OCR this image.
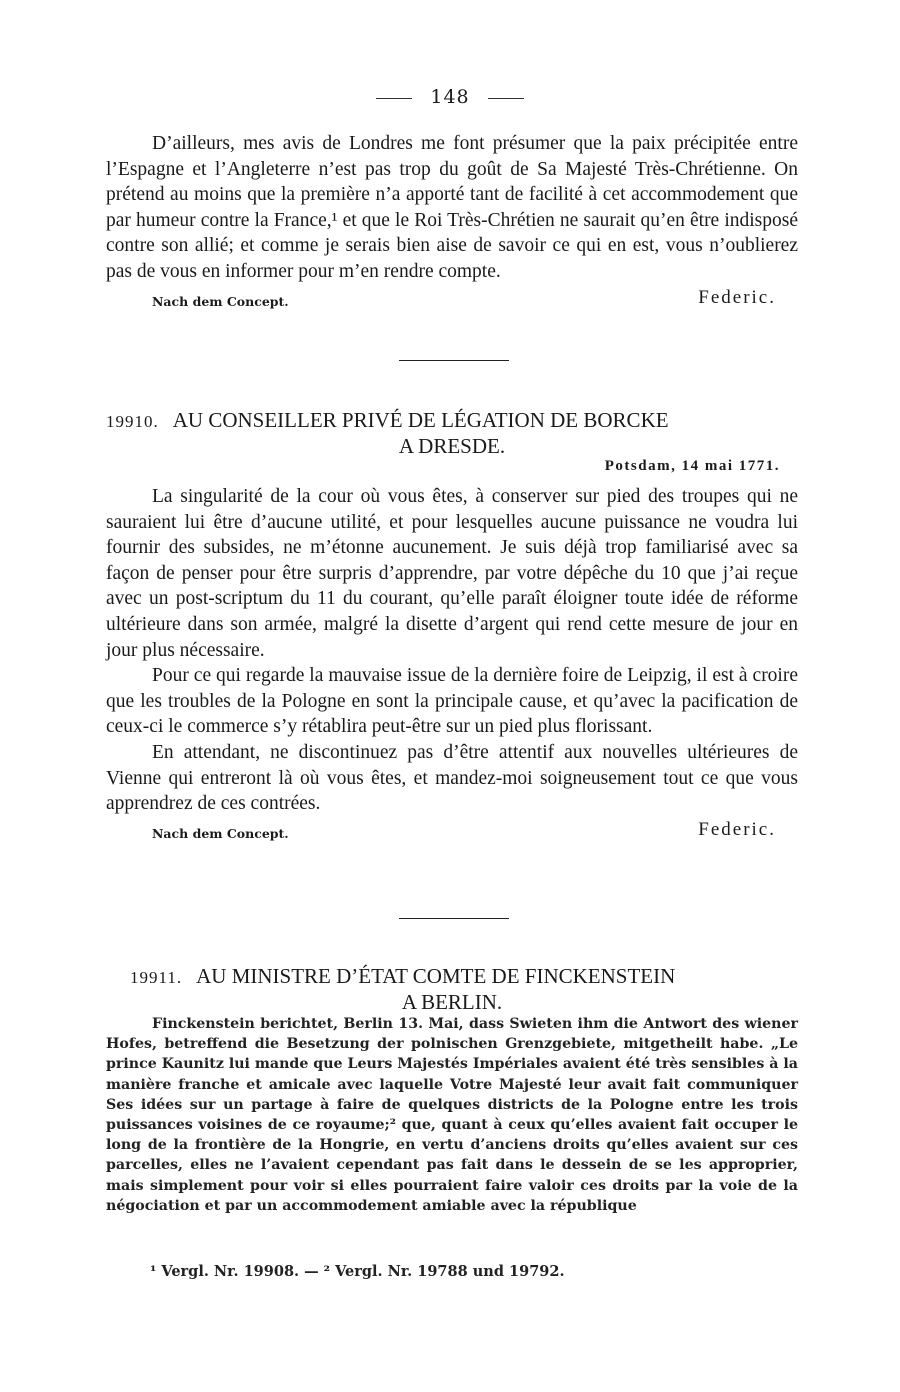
148

D’ailleurs, mes avis de Londres me font présumer que la paix précipitée entre l’Espagne et l’Angleterre n’est pas trop du goût de Sa Majesté Très-Chrétienne. On prétend au moins que la première n’a apporté tant de facilité à cet accommodement que par humeur contre la France,¹ et que le Roi Très-Chrétien ne saurait qu’en être indisposé contre son allié; et comme je serais bien aise de savoir ce qui en est, vous n’oublierez pas de vous en informer pour m’en rendre compte.

Nach dem Concept.	Federic.
19910. AU CONSEILLER PRIVÉ DE LÉGATION DE BORCKE
A DRESDE.
Potsdam, 14 mai 1771.

La singularité de la cour où vous êtes, à conserver sur pied des troupes qui ne sauraient lui être d’aucune utilité, et pour lesquelles aucune puissance ne voudra lui fournir des subsides, ne m’étonne aucunement. Je suis déjà trop familiarisé avec sa façon de penser pour être surpris d’apprendre, par votre dépêche du 10 que j’ai reçue avec un post-scriptum du 11 du courant, qu’elle paraît éloigner toute idée de réforme ultérieure dans son armée, malgré la disette d’argent qui rend cette mesure de jour en jour plus nécessaire.

Pour ce qui regarde la mauvaise issue de la dernière foire de Leipzig, il est à croire que les troubles de la Pologne en sont la principale cause, et qu’avec la pacification de ceux-ci le commerce s’y rétablira peut-être sur un pied plus florissant.

En attendant, ne discontinuez pas d’être attentif aux nouvelles ultérieures de Vienne qui entreront là où vous êtes, et mandez-moi soigneusement tout ce que vous apprendrez de ces contrées.

Nach dem Concept.	Federic.
19911. AU MINISTRE D’ÉTAT COMTE DE FINCKENSTEIN
A BERLIN.

Finckenstein berichtet, Berlin 13. Mai, dass Swieten ihm die Antwort des wiener Hofes, betreffend die Besetzung der polnischen Grenzgebiete, mitgetheilt habe. „Le prince Kaunitz lui mande que Leurs Majestés Impériales avaient été très sensibles à la manière franche et amicale avec laquelle Votre Majesté leur avait fait communiquer Ses idées sur un partage à faire de quelques districts de la Pologne entre les trois puissances voisines de ce royaume;² que, quant à ceux qu’elles avaient fait occuper le long de la frontière de la Hongrie, en vertu d’anciens droits qu’elles avaient sur ces parcelles, elles ne l’avaient cependant pas fait dans le dessein de se les approprier, mais simplement pour voir si elles pourraient faire valoir ces droits par la voie de la négociation et par un accommodement amiable avec la république

¹ Vergl. Nr. 19908. — ² Vergl. Nr. 19788 und 19792.
